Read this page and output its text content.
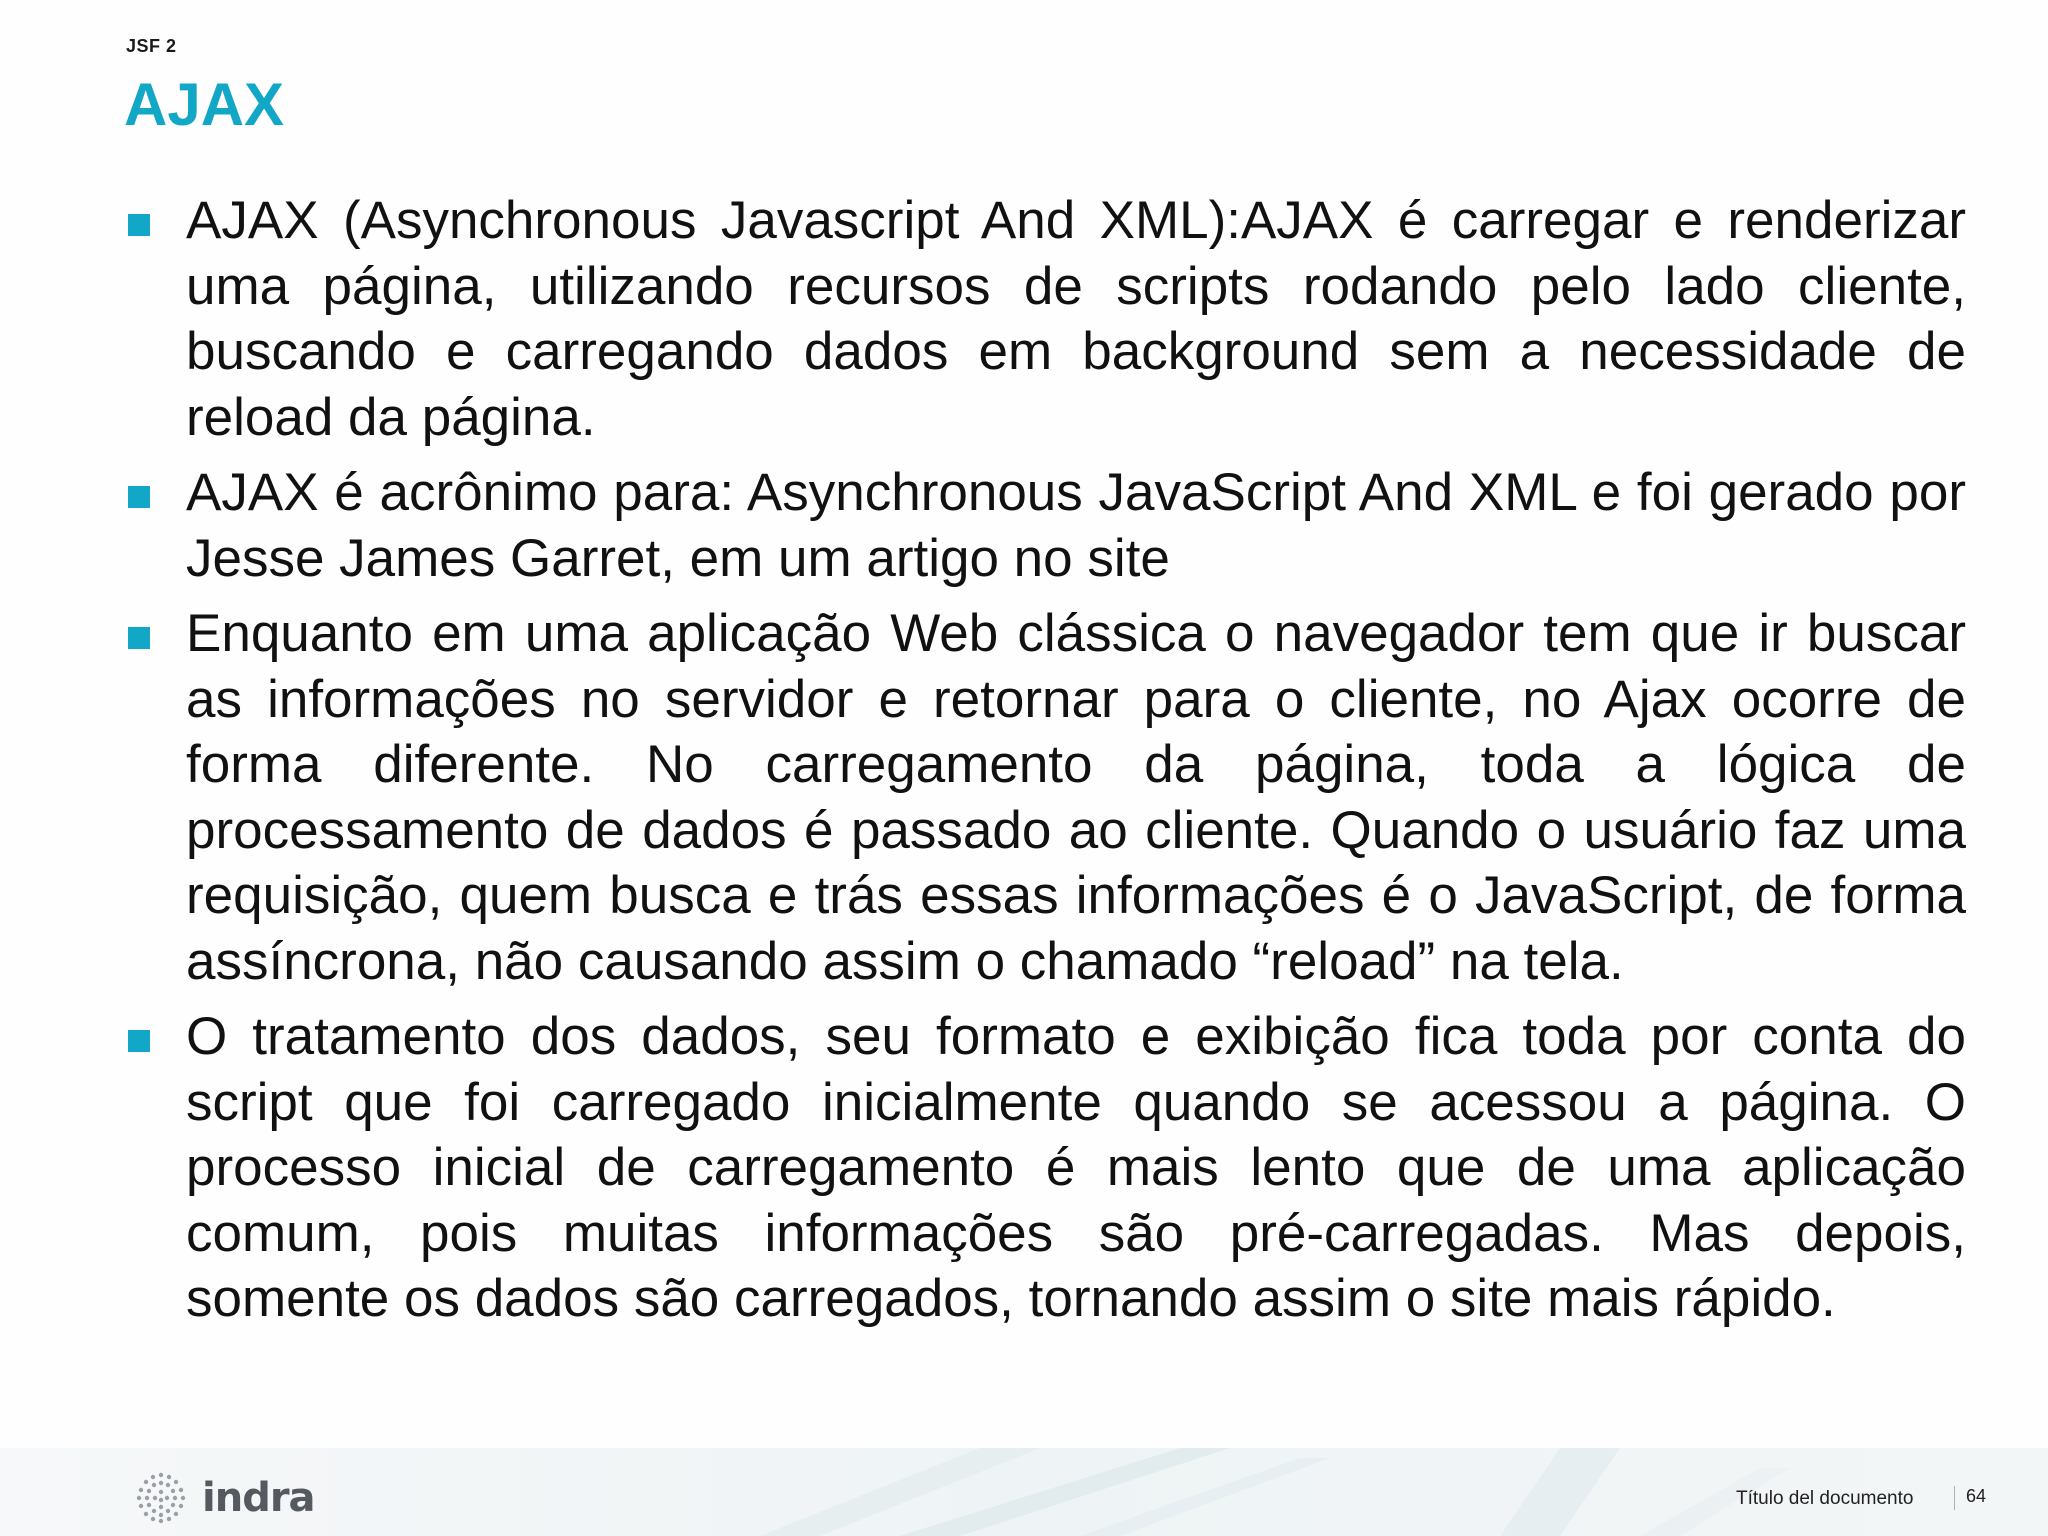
JSF 2
AJAX
AJAX (Asynchronous Javascript And XML):AJAX é carregar e renderizar uma página, utilizando recursos de scripts rodando pelo lado cliente, buscando e carregando dados em background sem a necessidade de reload da página.
AJAX é acrônimo para: Asynchronous JavaScript And XML e foi gerado por Jesse James Garret, em um artigo no site
Enquanto em uma aplicação Web clássica o navegador tem que ir buscar as informações no servidor e retornar para o cliente, no Ajax ocorre de forma diferente. No carregamento da página, toda a lógica de processamento de dados é passado ao cliente. Quando o usuário faz uma requisição, quem busca e trás essas informações é o JavaScript, de forma assíncrona, não causando assim o chamado “reload” na tela.
O tratamento dos dados, seu formato e exibição fica toda por conta do script que foi carregado inicialmente quando se acessou a página. O processo inicial de carregamento é mais lento que de uma aplicação comum, pois muitas informações são pré-carregadas. Mas depois, somente os dados são carregados, tornando assim o site mais rápido.
indra	Título del documento	64
